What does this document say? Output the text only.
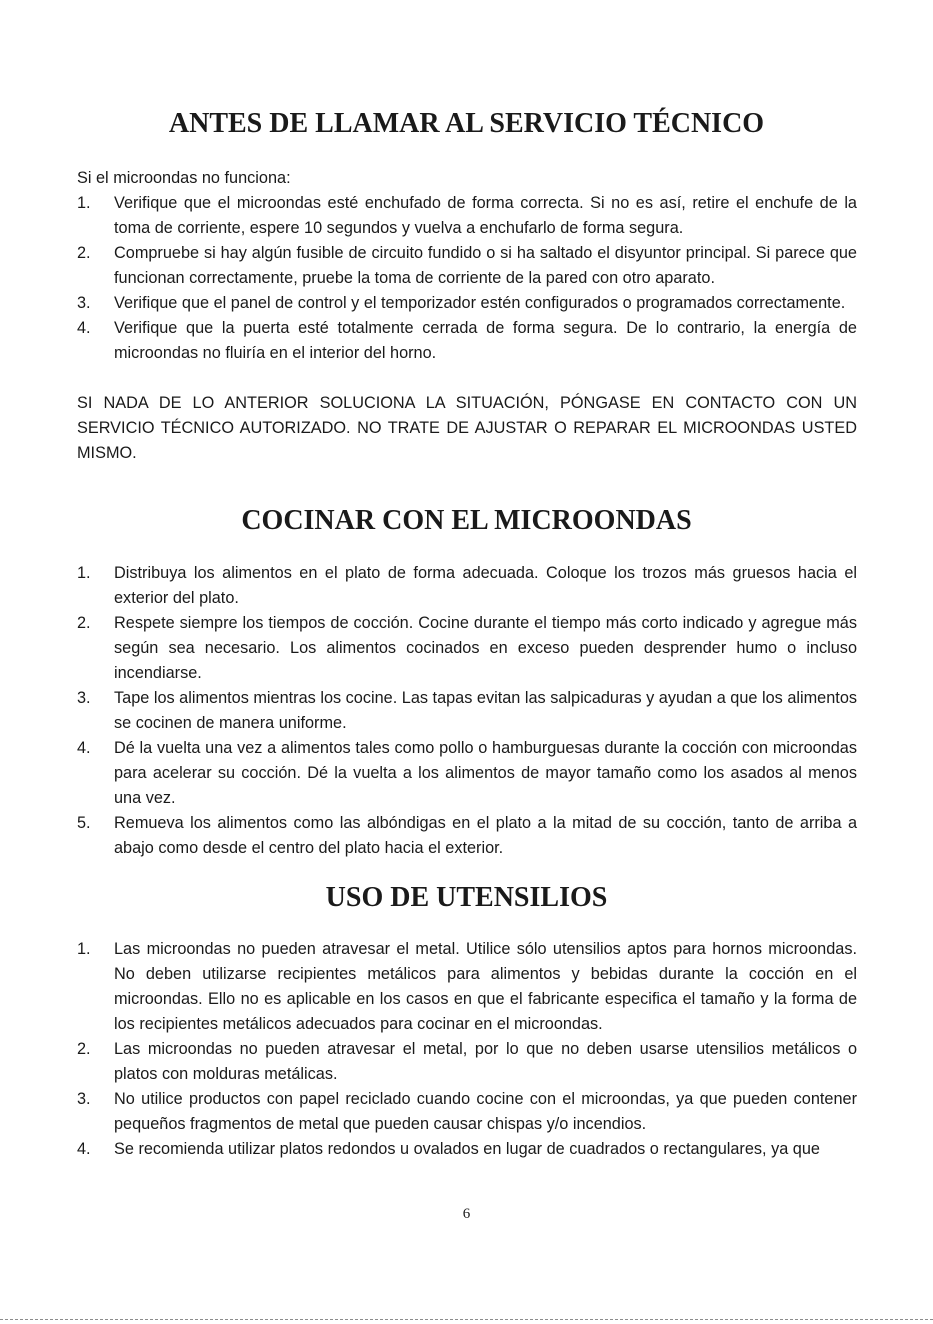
ANTES DE LLAMAR AL SERVICIO TÉCNICO

Si el microondas no funciona:

1. Verifique que el microondas esté enchufado de forma correcta. Si no es así, retire el enchufe de la toma de corriente, espere 10 segundos y vuelva a enchufarlo de forma segura.
2. Compruebe si hay algún fusible de circuito fundido o si ha saltado el disyuntor principal. Si parece que funcionan correctamente, pruebe la toma de corriente de la pared con otro aparato.
3. Verifique que el panel de control y el temporizador estén configurados o programados correctamente.
4. Verifique que la puerta esté totalmente cerrada de forma segura. De lo contrario, la energía de microondas no fluiría en el interior del horno.

SI NADA DE LO ANTERIOR SOLUCIONA LA SITUACIÓN, PÓNGASE EN CONTACTO CON UN SERVICIO TÉCNICO AUTORIZADO. NO TRATE DE AJUSTAR O REPARAR EL MICROONDAS USTED MISMO.

COCINAR CON EL MICROONDAS
1. Distribuya los alimentos en el plato de forma adecuada. Coloque los trozos más gruesos hacia el exterior del plato.
2. Respete siempre los tiempos de cocción. Cocine durante el tiempo más corto indicado y agregue más según sea necesario. Los alimentos cocinados en exceso pueden desprender humo o incluso incendiarse.
3. Tape los alimentos mientras los cocine. Las tapas evitan las salpicaduras y ayudan a que los alimentos se cocinen de manera uniforme.
4. Dé la vuelta una vez a alimentos tales como pollo o hamburguesas durante la cocción con microondas para acelerar su cocción. Dé la vuelta a los alimentos de mayor tamaño como los asados al menos una vez.
5. Remueva los alimentos como las albóndigas en el plato a la mitad de su cocción, tanto de arriba a abajo como desde el centro del plato hacia el exterior.
USO DE UTENSILIOS
1. Las microondas no pueden atravesar el metal. Utilice sólo utensilios aptos para hornos microondas. No deben utilizarse recipientes metálicos para alimentos y bebidas durante la cocción en el microondas. Ello no es aplicable en los casos en que el fabricante especifica el tamaño y la forma de los recipientes metálicos adecuados para cocinar en el microondas.
2. Las microondas no pueden atravesar el metal, por lo que no deben usarse utensilios metálicos o platos con molduras metálicas.
3. No utilice productos con papel reciclado cuando cocine con el microondas, ya que pueden contener pequeños fragmentos de metal que pueden causar chispas y/o incendios.
4. Se recomienda utilizar platos redondos u ovalados en lugar de cuadrados o rectangulares, ya que

6
